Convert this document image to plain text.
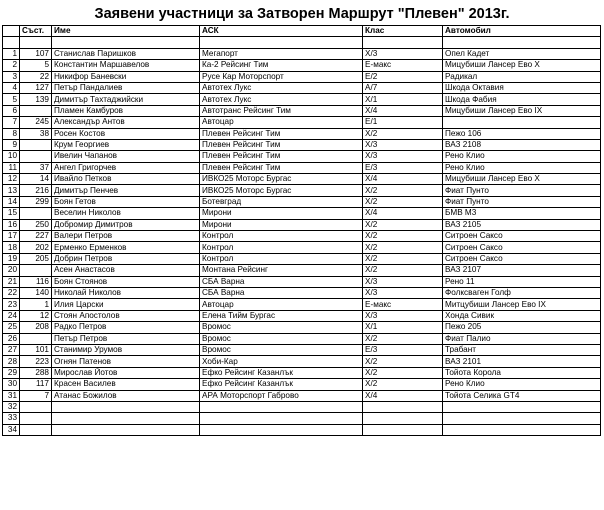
Заявени участници за Затворен Маршрут "Плевен" 2013г.
	Съст.	Име	АСК	Клас	Автомобил

1	107	Станислав Паришков	Мегапорт	X/3	Опел Кадет
2	5	Константин Маршавелов	Ка-2 Рейсинг Тим	Е-макс	Мицубиши Лансер Ево X
3	22	Никифор Баневски	Русе Кар Моторспорт	Е/2	Радикал
4	127	Петър Пандалиев	Автотех Лукс	А/7	Шкода Октавия
5	139	Димитър Тахтаджийски	Автотех Лукс	Х/1	Шкода Фабия
6		Пламен Камбуров	Автотранс Рейсинг Тим	Х/4	Мицубиши Лансер Ево IX
7	245	Александър Антов	Автоцар	Е/1	
8	38	Росен Костов	Плевен Рейсинг Тим	Х/2	Пежо 106
9		Крум Георгиев	Плевен Рейсинг Тим	Х/3	ВАЗ 2108
10		Ивелин Чапанов	Плевен Рейсинг Тим	Х/3	Рено Клио
11	37	Ангел Григорчев	Плевен Рейсинг Тим	Е/3	Рено Клио
12	14	Ивайло Петков	ИВКО25 Моторс Бургас	Х/4	Мицубиши Лансер Ево X
13	216	Димитър Пенчев	ИВКО25 Моторс Бургас	Х/2	Фиат Пунто
14	299	Боян Гетов	Ботевград	Х/2	Фиат Пунто
15		Веселин Николов	Мирони	Х/4	БМВ М3
16	250	Добромир Димитров	Мирони	Х/2	ВАЗ 2105
17	227	Валери Петров	Контрол	Х/2	Ситроен Саксо
18	202	Ерменко Ерменков	Контрол	Х/2	Ситроен Саксо
19	205	Добрин Петров	Контрол	Х/2	Ситроен Саксо
20		Асен Анастасов	Монтана Рейсинг	Х/2	ВАЗ 2107
21	116	Боян Стоянов	СБА Варна	Х/3	Рено 11
22	140	Николай Николов	СБА Варна	Х/3	Фолксваген Голф
23	1	Илия Царски	Автоцар	Е-макс	Митцубиши Лансер Ево IX
24	12	Стоян Апостолов	Елена Тийм Бургас	Х/3	Хонда Сивик
25	208	Радко Петров	Вромос	Х/1	Пежо 205
26		Петър Петров	Вромос	Х/2	Фиат Палио
27	101	Станимир Урумов	Вромос	Е/3	Трабант
28	223	Огнян Патенов	Хоби-Кар	Х/2	ВАЗ 2101
29	288	Мирослав Йотов	Ефко Рейсинг Казанлък	Х/2	Тойота Корола
30	117	Красен Василев	Ефко Рейсинг Казанлък	Х/2	Рено Клио
31	7	Атанас Божилов	АРА Моторспорт Габрово	Х/4	Тойота Селика GT4
32					
33					
34					
